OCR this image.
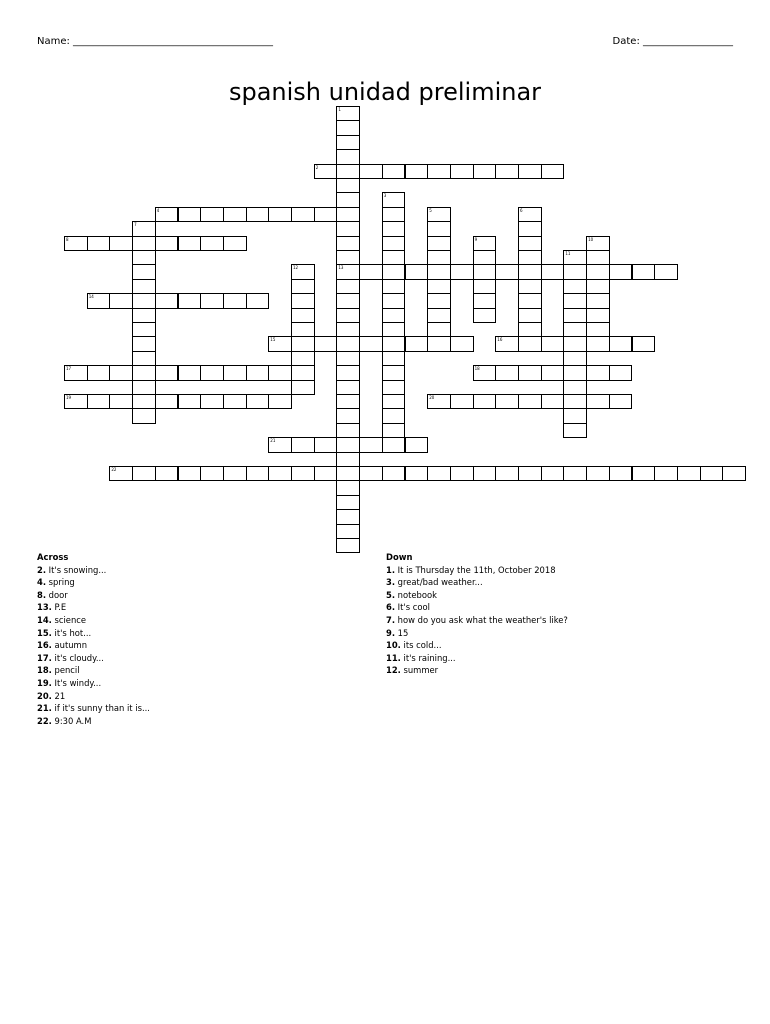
Name: ________________________________________	Date: __________________
spanish unidad preliminar
1
13
2
3
4	5	6
7
8	9	10
11
12
14
15	16
17	18
19	20
21
22
Across
2. It's snowing...
4. spring
8. door
13. P.E
14. science
15. it's hot...
16. autumn
17. it's cloudy...
18. pencil
19. It's windy...
20. 21
21. if it's sunny than it is...
22. 9:30 A.M
Down
1. It is Thursday the 11th, October 2018
3. great/bad weather...
5. notebook
6. It's cool
7. how do you ask what the weather's like?
9. 15
10. its cold...
11. it's raining...
12. summer
